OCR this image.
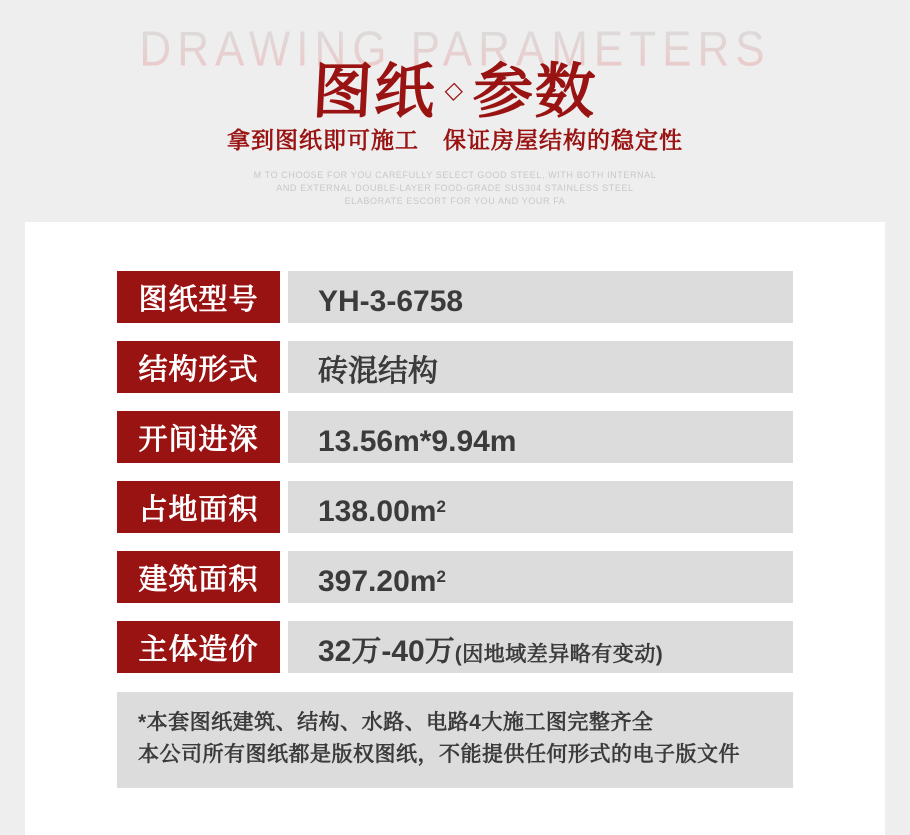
DRAWING PARAMETERS
图纸 ◇参数
拿到图纸即可施工　保证房屋结构的稳定性
M TO CHOOSE FOR YOU CAREFULLY SELECT GOOD STEEL, WITH BOTH INTERNAL
AND EXTERNAL DOUBLE-LAYER FOOD-GRADE SUS304 STAINLESS STEEL
ELABORATE ESCORT FOR YOU AND YOUR FA
图纸型号	YH-3-6758
结构形式	砖混结构
开间进深	13.56m*9.94m
占地面积	$138.00m^2$
建筑面积	$397.20m^2$
主体造价	32万-40万(因地域差异略有变动)
*本套图纸建筑、结构、水路、电路4大施工图完整齐全
本公司所有图纸都是版权图纸，不能提供任何形式的电子版文件
